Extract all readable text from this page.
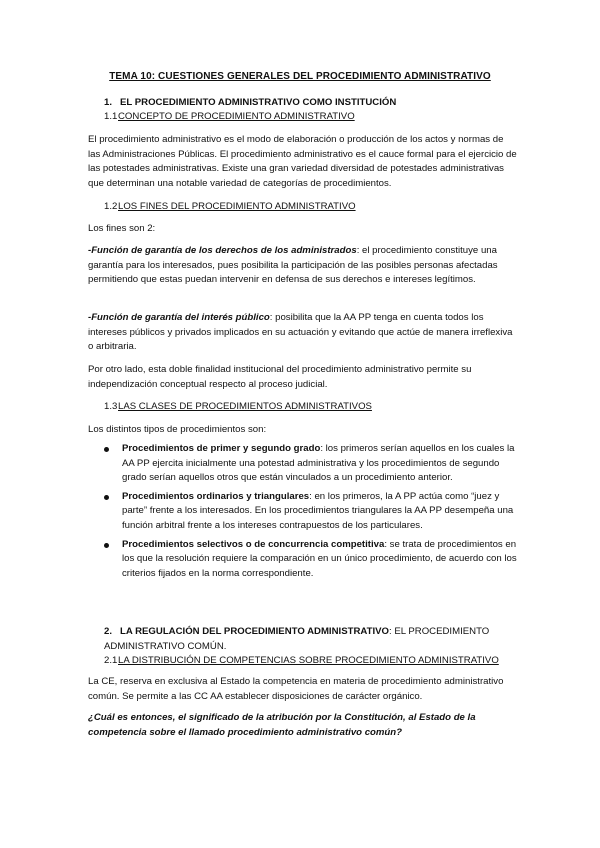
TEMA 10: CUESTIONES GENERALES DEL PROCEDIMIENTO ADMINISTRATIVO
1. EL PROCEDIMIENTO ADMINISTRATIVO COMO INSTITUCIÓN
1.1CONCEPTO DE PROCEDIMIENTO ADMINISTRATIVO

El procedimiento administrativo es el modo de elaboración o producción de los actos y normas de las Administraciones Públicas. El procedimiento administrativo es el cauce formal para el ejercicio de las potestades administrativas. Existe una gran variedad diversidad de potestades administrativas que determinan una notable variedad de categorías de procedimientos.

1.2LOS FINES DEL PROCEDIMIENTO ADMINISTRATIVO

Los fines son 2:

-Función de garantía de los derechos de los administrados: el procedimiento constituye una garantía para los interesados, pues posibilita la participación de las posibles personas afectadas permitiendo que estas puedan intervenir en defensa de sus derechos e intereses legítimos.

-Función de garantía del interés público: posibilita que la AA PP tenga en cuenta todos los intereses públicos y privados implicados en su actuación y evitando que actúe de manera irreflexiva o arbitraria.

Por otro lado, esta doble finalidad institucional del procedimiento administrativo permite su independización conceptual respecto al proceso judicial.

1.3LAS CLASES DE PROCEDIMIENTOS ADMINISTRATIVOS

Los distintos tipos de procedimientos son:

Procedimientos de primer y segundo grado: los primeros serían aquellos en los cuales la AA PP ejercita inicialmente una potestad administrativa y los procedimientos de segundo grado serían aquellos otros que están vinculados a un procedimiento anterior.
Procedimientos ordinarios y triangulares: en los primeros, la A PP actúa como “juez y parte” frente a los interesados. En los procedimientos triangulares la AA PP desempeña una función arbitral frente a los intereses contrapuestos de los particulares.
Procedimientos selectivos o de concurrencia competitiva: se trata de procedimientos en los que la resolución requiere la comparación en un único procedimiento, de acuerdo con los criterios fijados en la norma correspondiente.
2. LA REGULACIÓN DEL PROCEDIMIENTO ADMINISTRATIVO: EL PROCEDIMIENTO ADMINISTRATIVO COMÚN.
2.1LA DISTRIBUCIÓN DE COMPETENCIAS SOBRE PROCEDIMIENTO ADMINISTRATIVO

La CE, reserva en exclusiva al Estado la competencia en materia de procedimiento administrativo común. Se permite a las CC AA establecer disposiciones de carácter orgánico.

¿Cuál es entonces, el significado de la atribución por la Constitución, al Estado de la competencia sobre el llamado procedimiento administrativo común?
